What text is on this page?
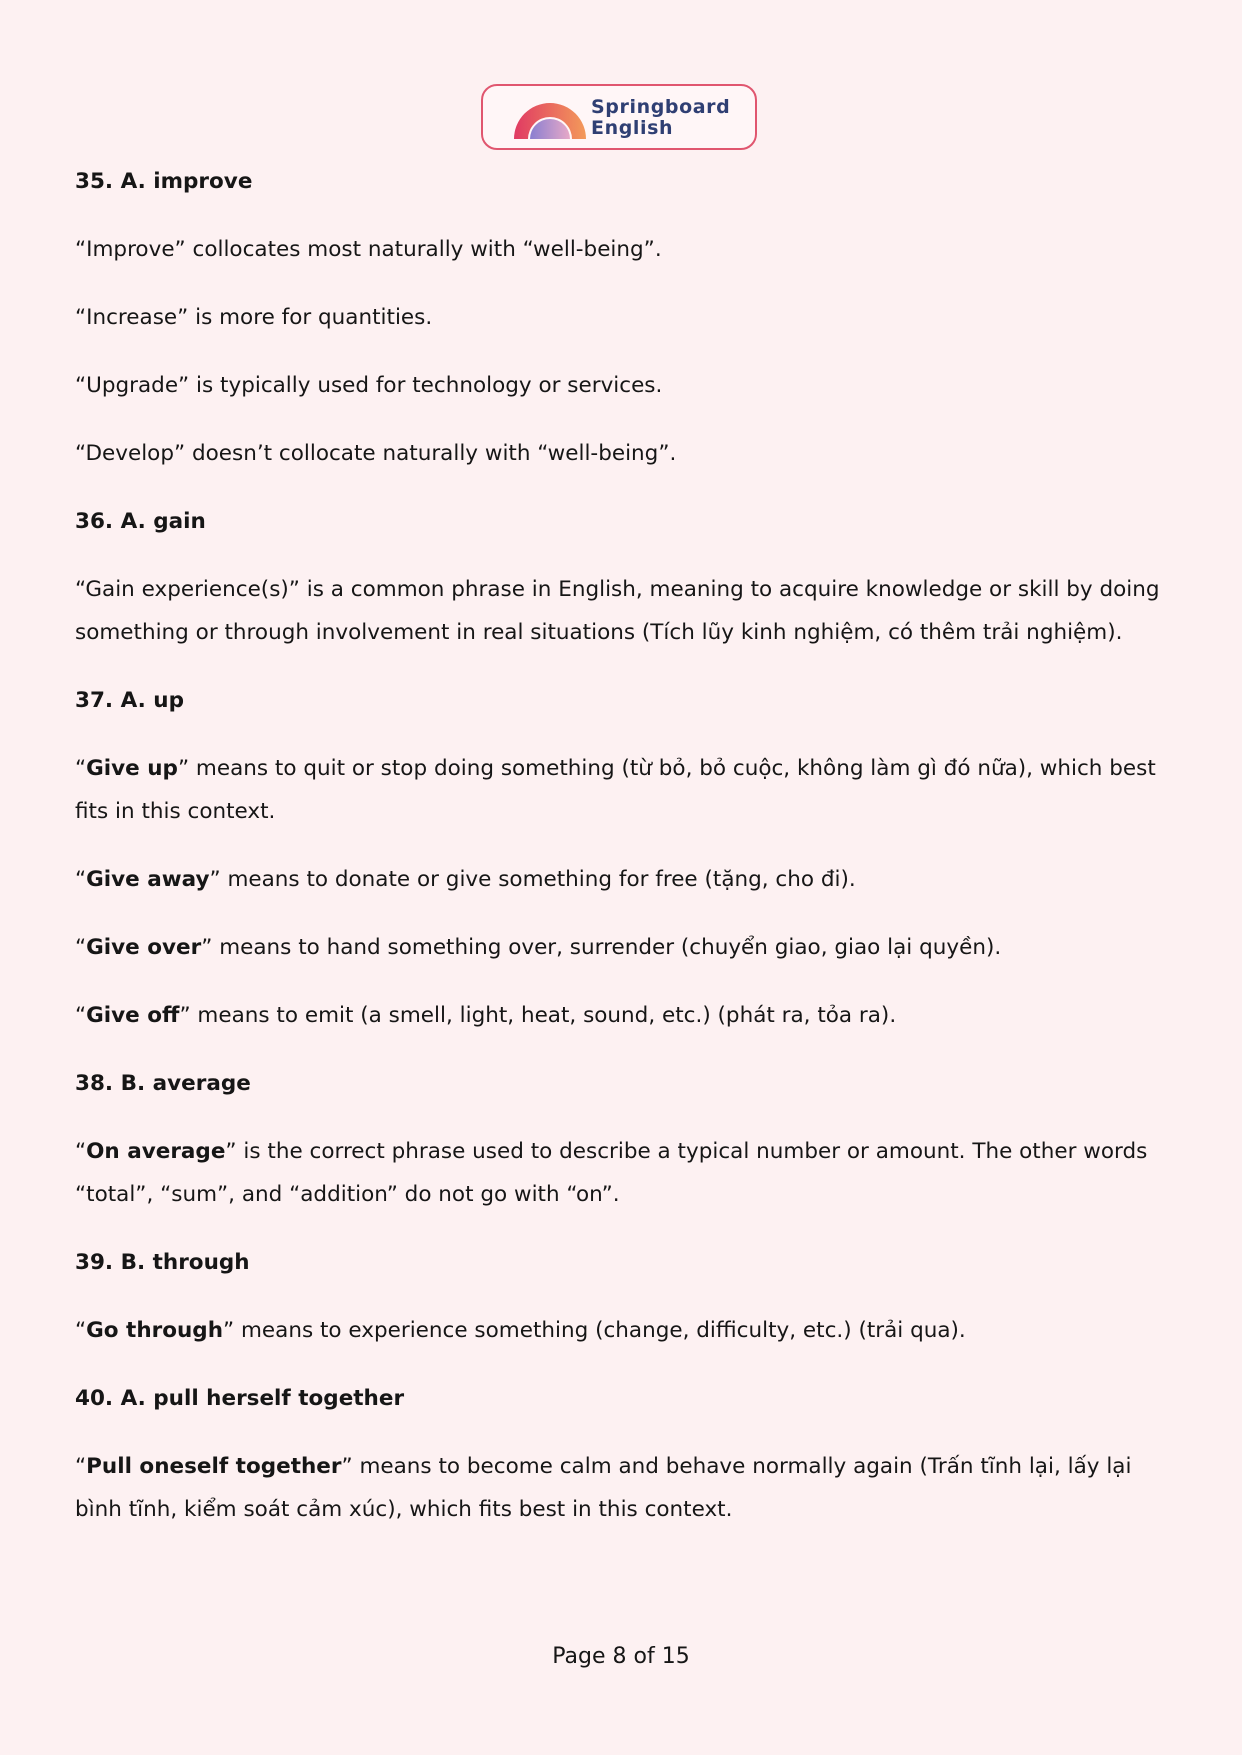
Springboard
English
35. A. improve
“Improve” collocates most naturally with “well-being”.
“Increase” is more for quantities.
“Upgrade” is typically used for technology or services.
“Develop” doesn’t collocate naturally with “well-being”.
36. A. gain
“Gain experience(s)” is a common phrase in English, meaning to acquire knowledge or skill by doing something or through involvement in real situations (Tích lũy kinh nghiệm, có thêm trải nghiệm).
37. A. up
“Give up” means to quit or stop doing something (từ bỏ, bỏ cuộc, không làm gì đó nữa), which best fits in this context.
“Give away” means to donate or give something for free (tặng, cho đi).
“Give over” means to hand something over, surrender (chuyển giao, giao lại quyền).
“Give off” means to emit (a smell, light, heat, sound, etc.) (phát ra, tỏa ra).
38. B. average
“On average” is the correct phrase used to describe a typical number or amount. The other words “total”, “sum”, and “addition” do not go with “on”.
39. B. through
“Go through” means to experience something (change, difficulty, etc.) (trải qua).
40. A. pull herself together
“Pull oneself together” means to become calm and behave normally again (Trấn tĩnh lại, lấy lại bình tĩnh, kiểm soát cảm xúc), which fits best in this context.
Page 8 of 15
